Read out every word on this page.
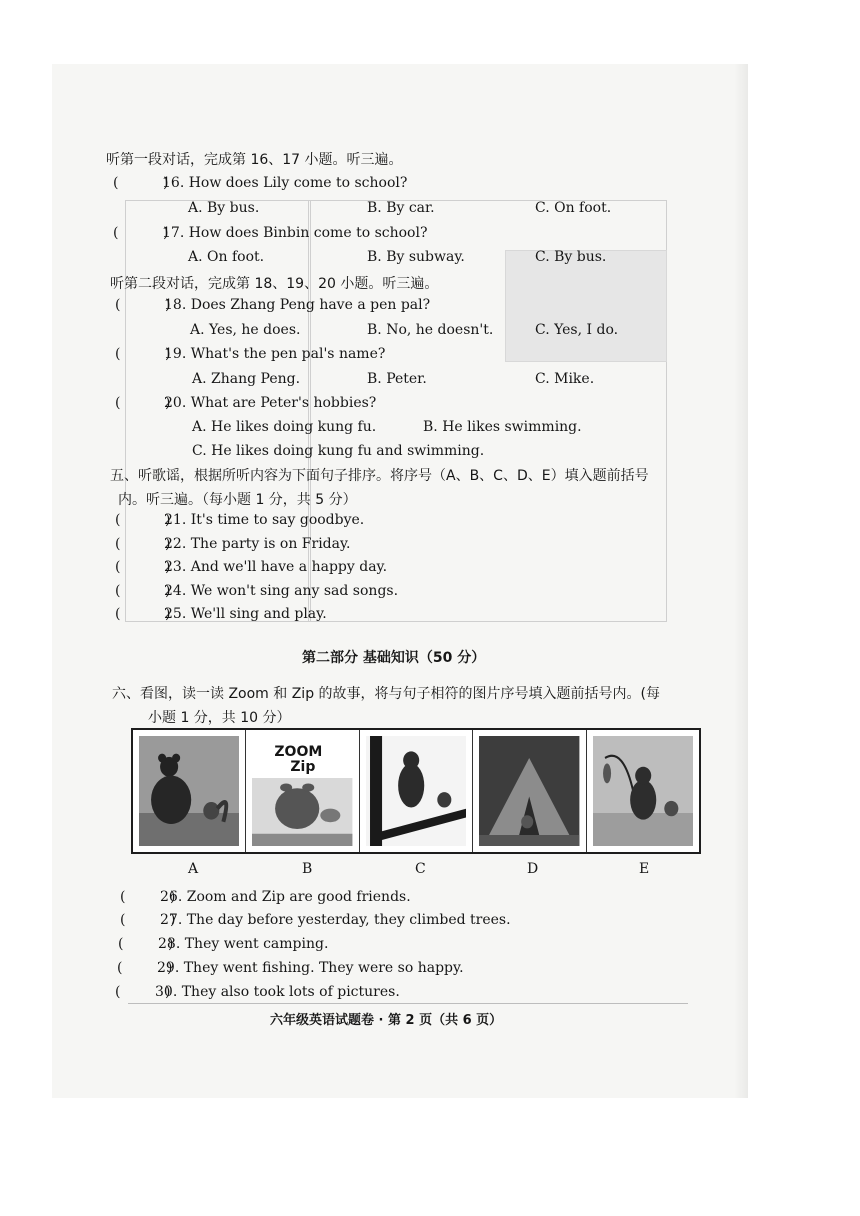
听第一段对话，完成第 16、17 小题。听三遍。
(          )
16. How does Lily come to school?
A. By bus.	B. By car.	C. On foot.
(          )
17. How does Binbin come to school?
A. On foot.	B. By subway.	C. By bus.
听第二段对话，完成第 18、19、20 小题。听三遍。
(          )
18. Does Zhang Peng have a pen pal?
A. Yes, he does.	B. No, he doesn't.	C. Yes, I do.
(          )
19. What's the pen pal's name?
A. Zhang Peng.	B. Peter.	C. Mike.
(          )
20. What are Peter's hobbies?
A. He likes doing kung fu.	B. He likes swimming.
C. He likes doing kung fu and swimming.
五、听歌谣，根据所听内容为下面句子排序。将序号（A、B、C、D、E）填入题前括号
内。听三遍。（每小题 1 分，共 5 分）
(          )
21. It's time to say goodbye.
(          )
22. The party is on Friday.
(          )
23. And we'll have a happy day.
(          )
24. We won't sing any sad songs.
(          )
25. We'll sing and play.
第二部分 基础知识（50 分）
六、看图，读一读 Zoom 和 Zip 的故事，将与句子相符的图片序号填入题前括号内。(每
小题 1 分，共 10 分）
ZOOM
Zip
A	B	C	D	E
(          )
26. Zoom and Zip are good friends.
(          )
27. The day before yesterday, they climbed trees.
(          )
28. They went camping.
(          )
29. They went fishing. They were so happy.
(          )
30. They also took lots of pictures.
六年级英语试题卷 · 第 2 页（共 6 页）
